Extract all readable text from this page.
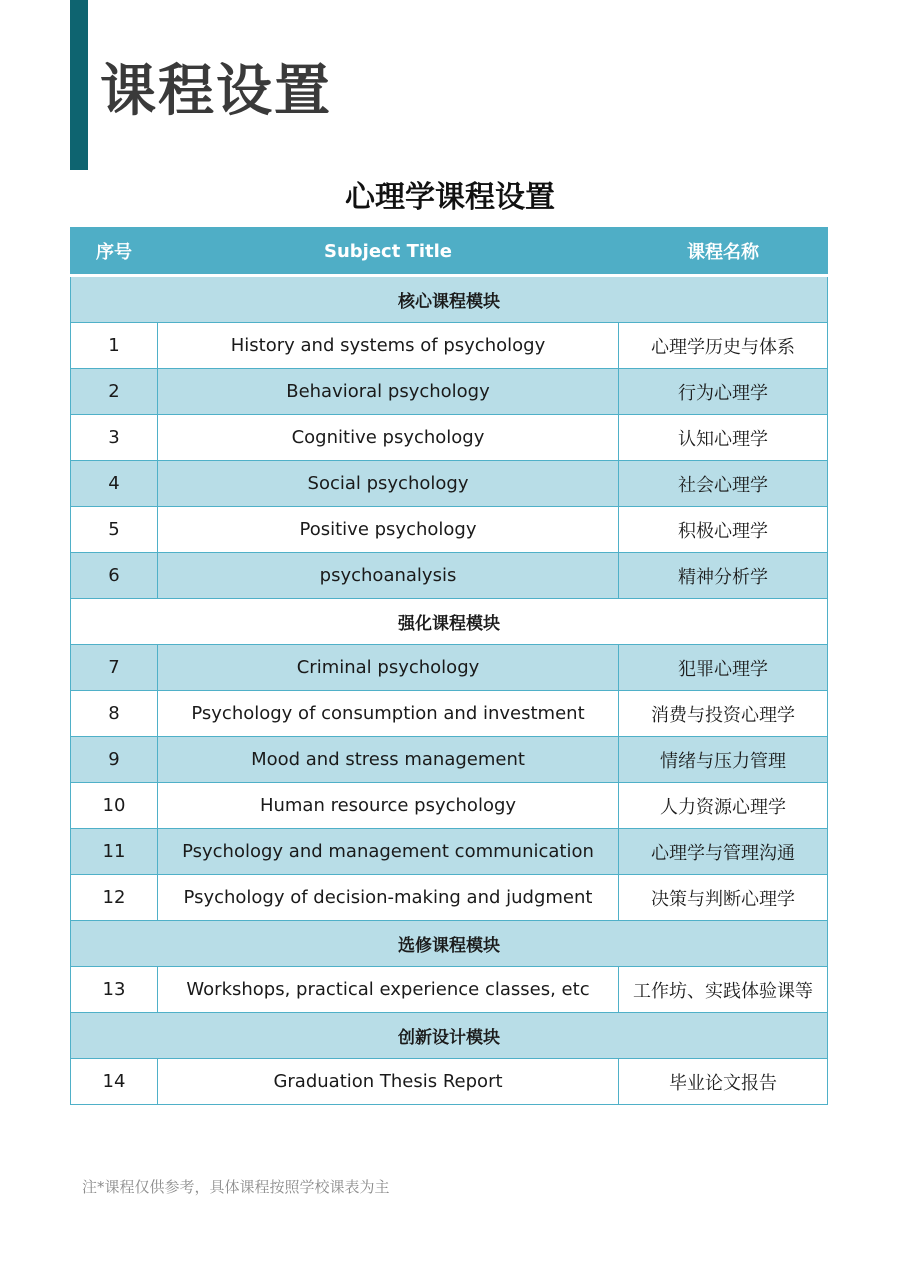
课程设置
心理学课程设置
序号	Subject Title	课程名称
核心课程模块		
1	History and systems of psychology	心理学历史与体系
2	Behavioral psychology	行为心理学
3	Cognitive psychology	认知心理学
4	Social psychology	社会心理学
5	Positive psychology	积极心理学
6	psychoanalysis	精神分析学
强化课程模块		
7	Criminal psychology	犯罪心理学
8	Psychology of consumption and investment	消费与投资心理学
9	Mood and stress management	情绪与压力管理
10	Human resource psychology	人力资源心理学
11	Psychology and management communication	心理学与管理沟通
12	Psychology of decision-making and judgment	决策与判断心理学
选修课程模块		
13	Workshops, practical experience classes, etc	工作坊、实践体验课等
创新设计模块		
14	Graduation Thesis Report	毕业论文报告

注*课程仅供参考，具体课程按照学校课表为主
